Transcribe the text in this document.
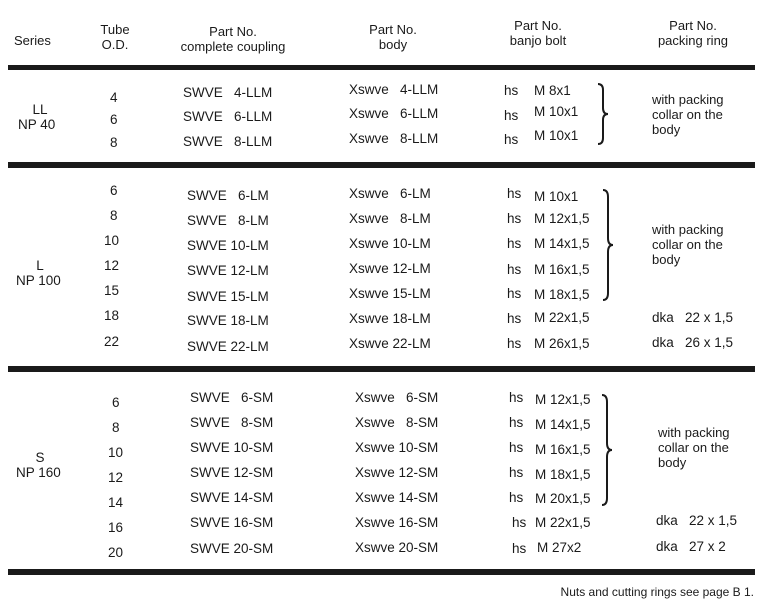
Series
Tube
O.D.
Part No.
complete coupling
Part No.
body
Part No.
banjo bolt
Part No.
packing ring
LL
NP 40
4
6
8
SWVE   4-LLM
SWVE   6-LLM
SWVE   8-LLM
Xswve   4-LLM
Xswve   6-LLM
Xswve   8-LLM
hs
hs
hs
M 8x1
M 10x1
M 10x1
with packing
collar on the
body
L
NP 100
6
8
10
12
15
18
22
SWVE   6-LM
SWVE   8-LM
SWVE 10-LM
SWVE 12-LM
SWVE 15-LM
SWVE 18-LM
SWVE 22-LM
Xswve   6-LM
Xswve   8-LM
Xswve 10-LM
Xswve 12-LM
Xswve 15-LM
Xswve 18-LM
Xswve 22-LM
hs
hs
hs
hs
hs
hs
hs
M 10x1
M 12x1,5
M 14x1,5
M 16x1,5
M 18x1,5
M 22x1,5
M 26x1,5
with packing
collar on the
body
dka   22 x 1,5
dka   26 x 1,5
S
NP 160
6
8
10
12
14
16
20
SWVE   6-SM
SWVE   8-SM
SWVE 10-SM
SWVE 12-SM
SWVE 14-SM
SWVE 16-SM
SWVE 20-SM
Xswve   6-SM
Xswve   8-SM
Xswve 10-SM
Xswve 12-SM
Xswve 14-SM
Xswve 16-SM
Xswve 20-SM
hs
hs
hs
hs
hs
hs
hs
M 12x1,5
M 14x1,5
M 16x1,5
M 18x1,5
M 20x1,5
M 22x1,5
M 27x2
with packing
collar on the
body
dka   22 x 1,5
dka   27 x 2
Nuts and cutting rings see page B 1.
